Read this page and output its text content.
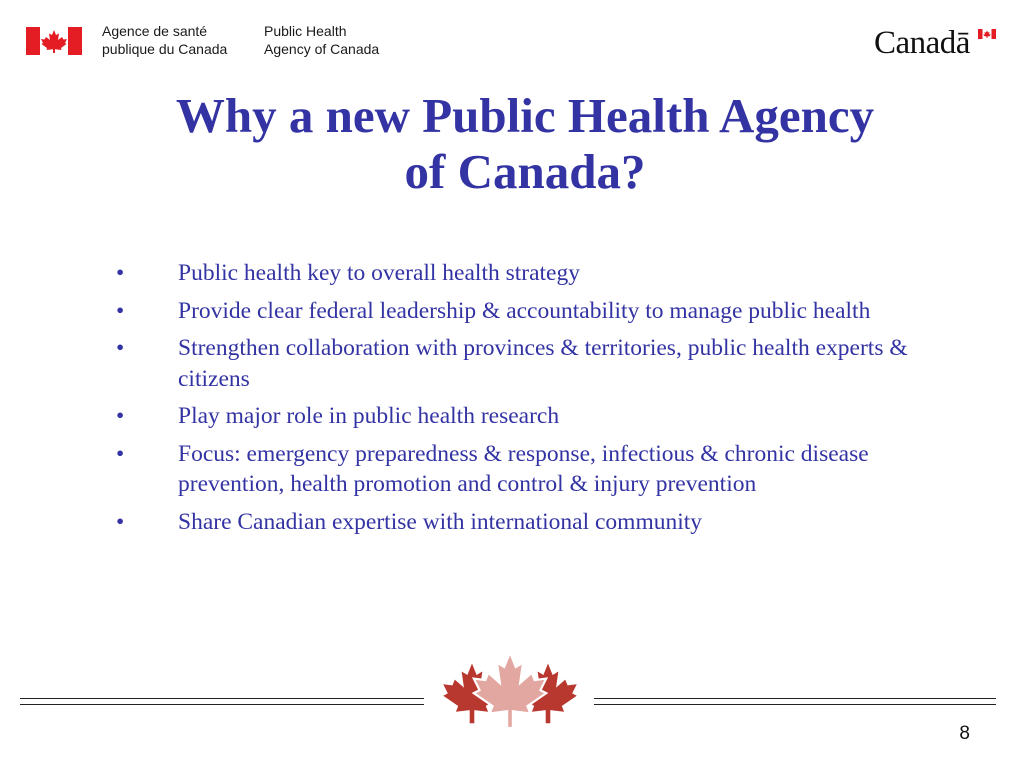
Agence de santé
publique du Canada
Public Health
Agency of Canada	Canadā
Why a new Public Health Agency
of Canada?
• Public health key to overall health strategy
• Provide clear federal leadership & accountability to manage public health
• Strengthen collaboration with provinces & territories, public health experts & citizens
• Play major role in public health research
• Focus: emergency preparedness & response, infectious & chronic disease prevention, health promotion and control & injury prevention
• Share Canadian expertise with international community
8
